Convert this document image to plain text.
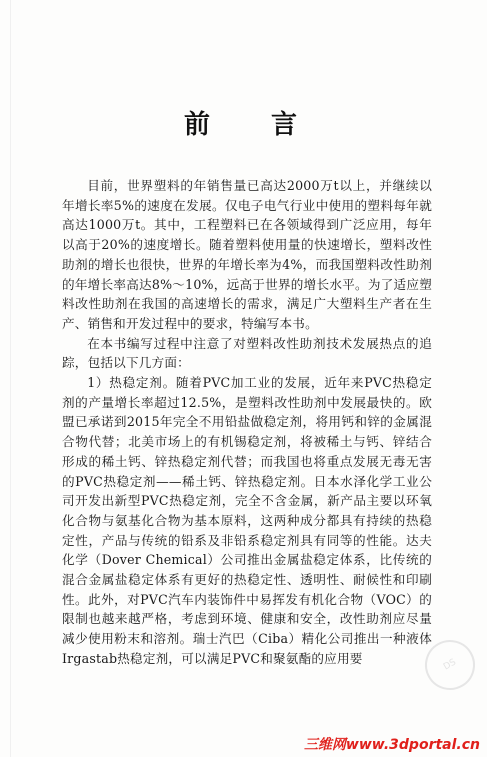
前 言

目前，世界塑料的年销售量已高达2000万t以上，并继续以年增长率5%的速度在发展。仅电子电气行业中使用的塑料每年就高达1000万t。其中，工程塑料已在各领域得到广泛应用，每年以高于20%的速度增长。随着塑料使用量的快速增长，塑料改性助剂的增长也很快，世界的年增长率为4%，而我国塑料改性助剂的年增长率高达8%～10%，远高于世界的增长水平。为了适应塑料改性助剂在我国的高速增长的需求，满足广大塑料生产者在生产、销售和开发过程中的要求，特编写本书。

在本书编写过程中注意了对塑料改性助剂技术发展热点的追踪，包括以下几方面：

1）热稳定剂。随着PVC加工业的发展，近年来PVC热稳定剂的产量增长率超过12.5%，是塑料改性助剂中发展最快的。欧盟已承诺到2015年完全不用铅盐做稳定剂，将用钙和锌的金属混合物代替；北美市场上的有机锡稳定剂，将被稀土与钙、锌结合形成的稀土钙、锌热稳定剂代替；而我国也将重点发展无毒无害的PVC热稳定剂——稀土钙、锌热稳定剂。日本水泽化学工业公司开发出新型PVC热稳定剂，完全不含金属，新产品主要以环氧化合物与氨基化合物为基本原料，这两种成分都具有持续的热稳定性，产品与传统的铅系及非铅系稳定剂具有同等的性能。达夫化学（Dover Chemical）公司推出金属盐稳定体系，比传统的混合金属盐稳定体系有更好的热稳定性、透明性、耐候性和印刷性。此外，对PVC汽车内装饰件中易挥发有机化合物（VOC）的限制也越来越严格，考虑到环境、健康和安全，改性助剂应尽量减少使用粉末和溶剂。瑞士汽巴（Ciba）精化公司推出一种液体Irgastab热稳定剂，可以满足PVC和聚氨酯的应用要	DS
三维网www.3dportal.cn
